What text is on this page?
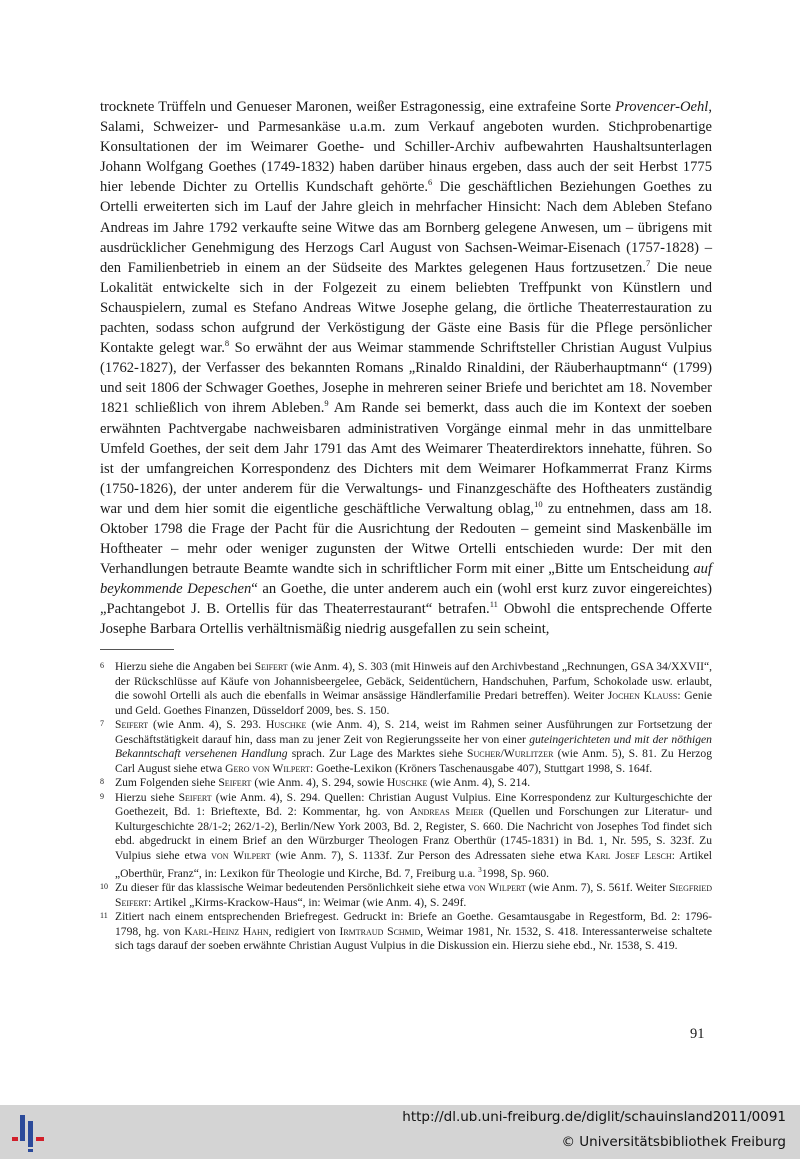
trocknete Trüffeln und Genueser Maronen, weißer Estragonessig, eine extrafeine Sorte Provencer-Oehl, Salami, Schweizer- und Parmesankäse u.a.m. zum Verkauf angeboten wurden. Stichprobenartige Konsultationen der im Weimarer Goethe- und Schiller-Archiv aufbewahrten Haushaltsunterlagen Johann Wolfgang Goethes (1749-1832) haben darüber hinaus ergeben, dass auch der seit Herbst 1775 hier lebende Dichter zu Ortellis Kundschaft gehörte.$^6$ Die geschäftlichen Beziehungen Goethes zu Ortelli erweiterten sich im Lauf der Jahre gleich in mehrfacher Hinsicht: Nach dem Ableben Stefano Andreas im Jahre 1792 verkaufte seine Witwe das am Bornberg gelegene Anwesen, um – übrigens mit ausdrücklicher Genehmigung des Herzogs Carl August von Sachsen-Weimar-Eisenach (1757-1828) – den Familienbetrieb in einem an der Südseite des Marktes gelegenen Haus fortzusetzen.$^7$ Die neue Lokalität entwickelte sich in der Folgezeit zu einem beliebten Treffpunkt von Künstlern und Schauspielern, zumal es Stefano Andreas Witwe Josephe gelang, die örtliche Theaterrestauration zu pachten, sodass schon aufgrund der Verköstigung der Gäste eine Basis für die Pflege persönlicher Kontakte gelegt war.$^8$ So erwähnt der aus Weimar stammende Schriftsteller Christian August Vulpius (1762-1827), der Verfasser des bekannten Romans „Rinaldo Rinaldini, der Räuberhauptmann“ (1799) und seit 1806 der Schwager Goethes, Josephe in mehreren seiner Briefe und berichtet am 18. November 1821 schließlich von ihrem Ableben.$^9$ Am Rande sei bemerkt, dass auch die im Kontext der soeben erwähnten Pachtvergabe nachweisbaren administrativen Vorgänge einmal mehr in das unmittelbare Umfeld Goethes, der seit dem Jahr 1791 das Amt des Weimarer Theaterdirektors innehatte, führen. So ist der umfangreichen Korrespondenz des Dichters mit dem Weimarer Hofkammerrat Franz Kirms (1750-1826), der unter anderem für die Verwaltungs- und Finanzgeschäfte des Hoftheaters zuständig war und dem hier somit die eigentliche geschäftliche Verwaltung oblag,$^{10}$ zu entnehmen, dass am 18. Oktober 1798 die Frage der Pacht für die Ausrichtung der Redouten – gemeint sind Maskenbälle im Hoftheater – mehr oder weniger zugunsten der Witwe Ortelli entschieden wurde: Der mit den Verhandlungen betraute Beamte wandte sich in schriftlicher Form mit einer „Bitte um Entscheidung auf beykommende Depeschen“ an Goethe, die unter anderem auch ein (wohl erst kurz zuvor eingereichtes) „Pachtangebot J. B. Ortellis für das Theaterrestaurant“ betrafen.$^{11}$ Obwohl die entsprechende Offerte Josephe Barbara Ortellis verhältnismäßig niedrig ausgefallen zu sein scheint,

6 Hierzu siehe die Angaben bei Seifert (wie Anm. 4), S. 303 (mit Hinweis auf den Archivbestand „Rechnungen, GSA 34/XXVII“, der Rückschlüsse auf Käufe von Johannisbeergelee, Gebäck, Seidentüchern, Handschuhen, Parfum, Schokolade usw. erlaubt, die sowohl Ortelli als auch die ebenfalls in Weimar ansässige Händlerfamilie Predari betreffen). Weiter Jochen Klauss: Genie und Geld. Goethes Finanzen, Düsseldorf 2009, bes. S. 150.

7 Seifert (wie Anm. 4), S. 293. Huschke (wie Anm. 4), S. 214, weist im Rahmen seiner Ausführungen zur Fortsetzung der Geschäftstätigkeit darauf hin, dass man zu jener Zeit von Regierungsseite her von einer guteingerichteten und mit der nöthigen Bekanntschaft versehenen Handlung sprach. Zur Lage des Marktes siehe Sucher/Wurlitzer (wie Anm. 5), S. 81. Zu Herzog Carl August siehe etwa Gero von Wilpert: Goethe-Lexikon (Kröners Taschenausgabe 407), Stuttgart 1998, S. 164f.

8 Zum Folgenden siehe Seifert (wie Anm. 4), S. 294, sowie Huschke (wie Anm. 4), S. 214.

9 Hierzu siehe Seifert (wie Anm. 4), S. 294. Quellen: Christian August Vulpius. Eine Korrespondenz zur Kulturgeschichte der Goethezeit, Bd. 1: Brieftexte, Bd. 2: Kommentar, hg. von Andreas Meier (Quellen und Forschungen zur Literatur- und Kulturgeschichte 28/1-2; 262/1-2), Berlin/New York 2003, Bd. 2, Register, S. 660. Die Nachricht von Josephes Tod findet sich ebd. abgedruckt in einem Brief an den Würzburger Theologen Franz Oberthür (1745-1831) in Bd. 1, Nr. 595, S. 323f. Zu Vulpius siehe etwa von Wilpert (wie Anm. 7), S. 1133f. Zur Person des Adressaten siehe etwa Karl Josef Lesch: Artikel „Oberthür, Franz“, in: Lexikon für Theologie und Kirche, Bd. 7, Freiburg u.a. $^3$1998, Sp. 960.

10 Zu dieser für das klassische Weimar bedeutenden Persönlichkeit siehe etwa von Wilpert (wie Anm. 7), S. 561f. Weiter Siegfried Seifert: Artikel „Kirms-Krackow-Haus“, in: Weimar (wie Anm. 4), S. 249f.

11 Zitiert nach einem entsprechenden Briefregest. Gedruckt in: Briefe an Goethe. Gesamtausgabe in Regestform, Bd. 2: 1796-1798, hg. von Karl-Heinz Hahn, redigiert von Irmtraud Schmid, Weimar 1981, Nr. 1532, S. 418. Interessanterweise schaltete sich tags darauf der soeben erwähnte Christian August Vulpius in die Diskussion ein. Hierzu siehe ebd., Nr. 1538, S. 419.

91
http://dl.ub.uni-freiburg.de/diglit/schauinsland2011/0091
© Universitätsbibliothek Freiburg
